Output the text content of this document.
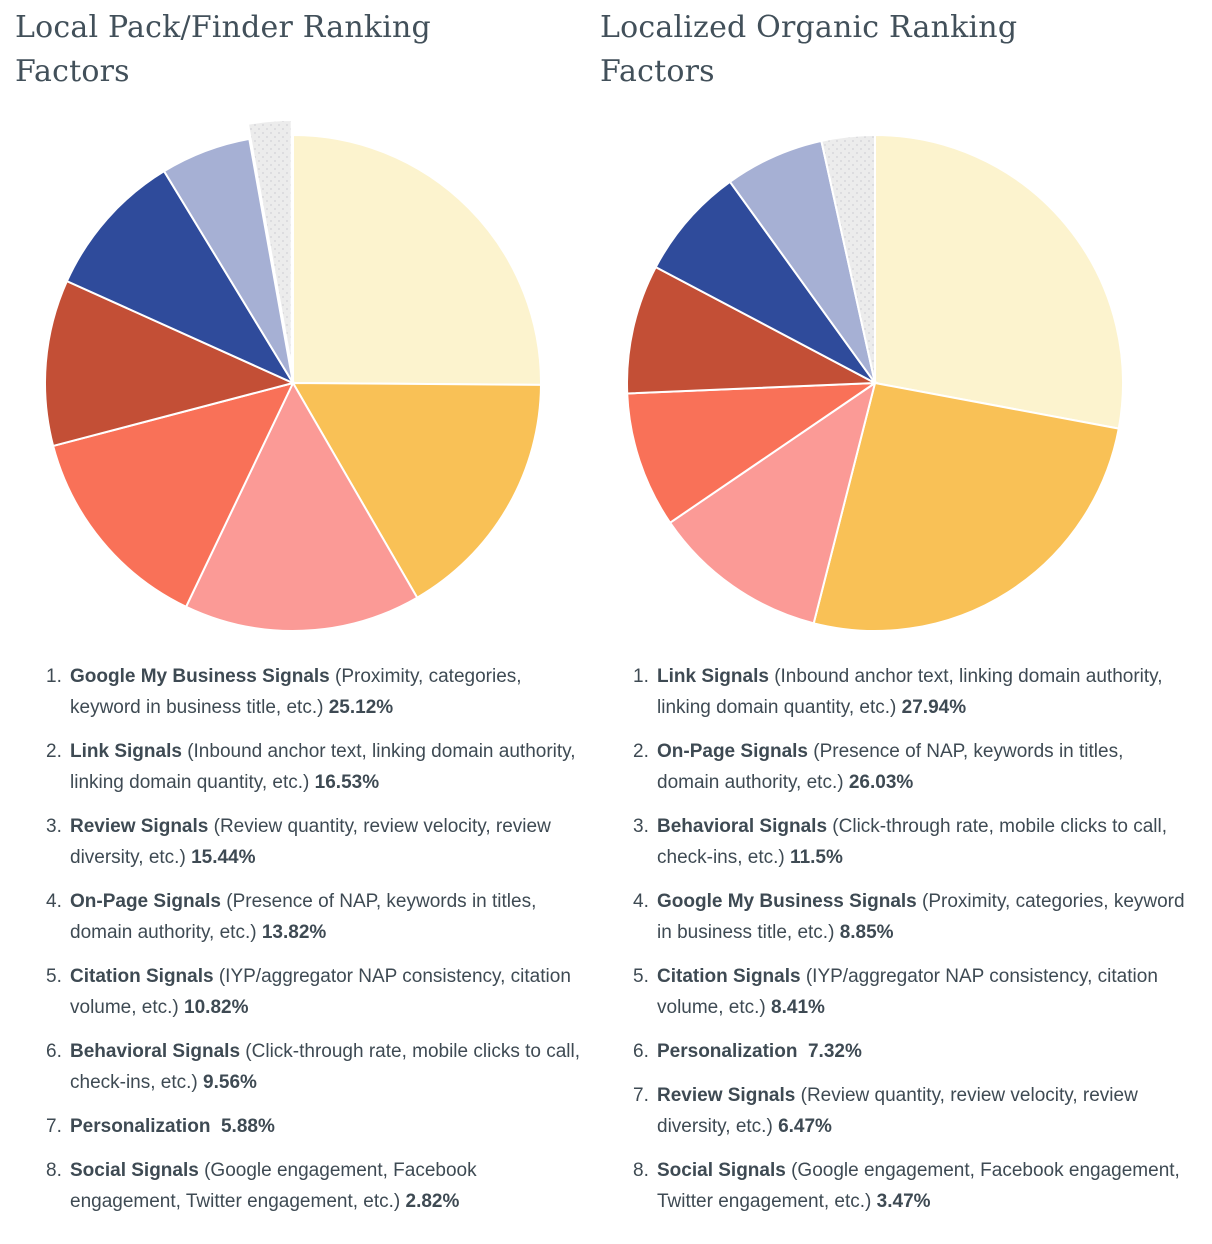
Local Pack/Finder Ranking Factors
Localized Organic Ranking Factors
1. Google My Business Signals (Proximity, categories, keyword in business title, etc.) 25.12%
2. Link Signals (Inbound anchor text, linking domain authority, linking domain quantity, etc.) 16.53%
3. Review Signals (Review quantity, review velocity, review diversity, etc.) 15.44%
4. On-Page Signals (Presence of NAP, keywords in titles, domain authority, etc.) 13.82%
5. Citation Signals (IYP/aggregator NAP consistency, citation volume, etc.) 10.82%
6. Behavioral Signals (Click-through rate, mobile clicks to call, check-ins, etc.) 9.56%
7. Personalization 5.88%
8. Social Signals (Google engagement, Facebook engagement, Twitter engagement, etc.) 2.82%
1. Link Signals (Inbound anchor text, linking domain authority, linking domain quantity, etc.) 27.94%
2. On-Page Signals (Presence of NAP, keywords in titles, domain authority, etc.) 26.03%
3. Behavioral Signals (Click-through rate, mobile clicks to call, check-ins, etc.) 11.5%
4. Google My Business Signals (Proximity, categories, keyword in business title, etc.) 8.85%
5. Citation Signals (IYP/aggregator NAP consistency, citation volume, etc.) 8.41%
6. Personalization 7.32%
7. Review Signals (Review quantity, review velocity, review diversity, etc.) 6.47%
8. Social Signals (Google engagement, Facebook engagement, Twitter engagement, etc.) 3.47%
